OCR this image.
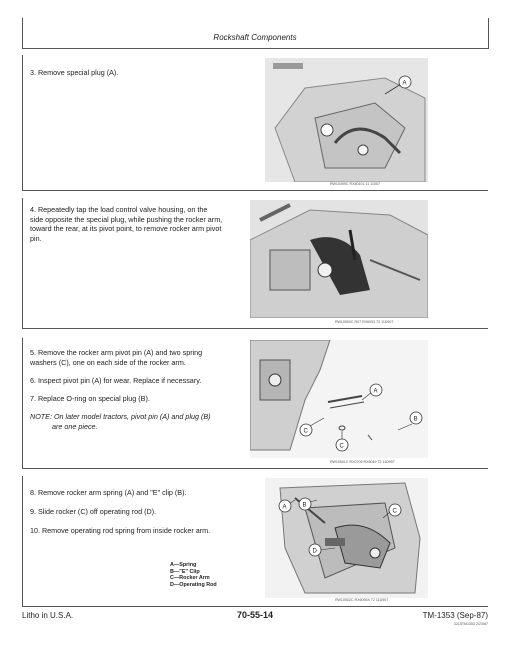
Rockshaft Components
3. Remove special plug (A).
A
RW10499C RX80101 11 11007
4. Repeatedly tap the load control valve housing, on the
side opposite the special plug, while pushing the rocker arm,
toward the rear, at its pivot point, to remove rocker arm pivot
pin.
RW10500C R07 RX6093 72 11D907
5. Remove the rocker arm pivot pin (A) and two spring
washers (C), one on each side of the rocker arm.
6. Inspect pivot pin (A) for wear. Replace if necessary.
7. Replace O-ring on special plug (B).
NOTE: On later model tractors, pivot pin (A) and plug (B)
are one piece.
A
B
C
C
RW10501C RX0709 RX6049 72 11D907
8. Remove rocker arm spring (A) and "E" clip (B).
9. Slide rocker (C) off operating rod (D).
10. Remove operating rod spring from inside rocker arm.
A—Spring
B—"E" Clip
C—Rocker Arm
D—Operating Rod
A	B
C
D
RW10502C RX6095X 72 11D907
Litho in U.S.A.	70-55-14	TM-1353 (Sep-87)
3215TM1353 2/23/87
